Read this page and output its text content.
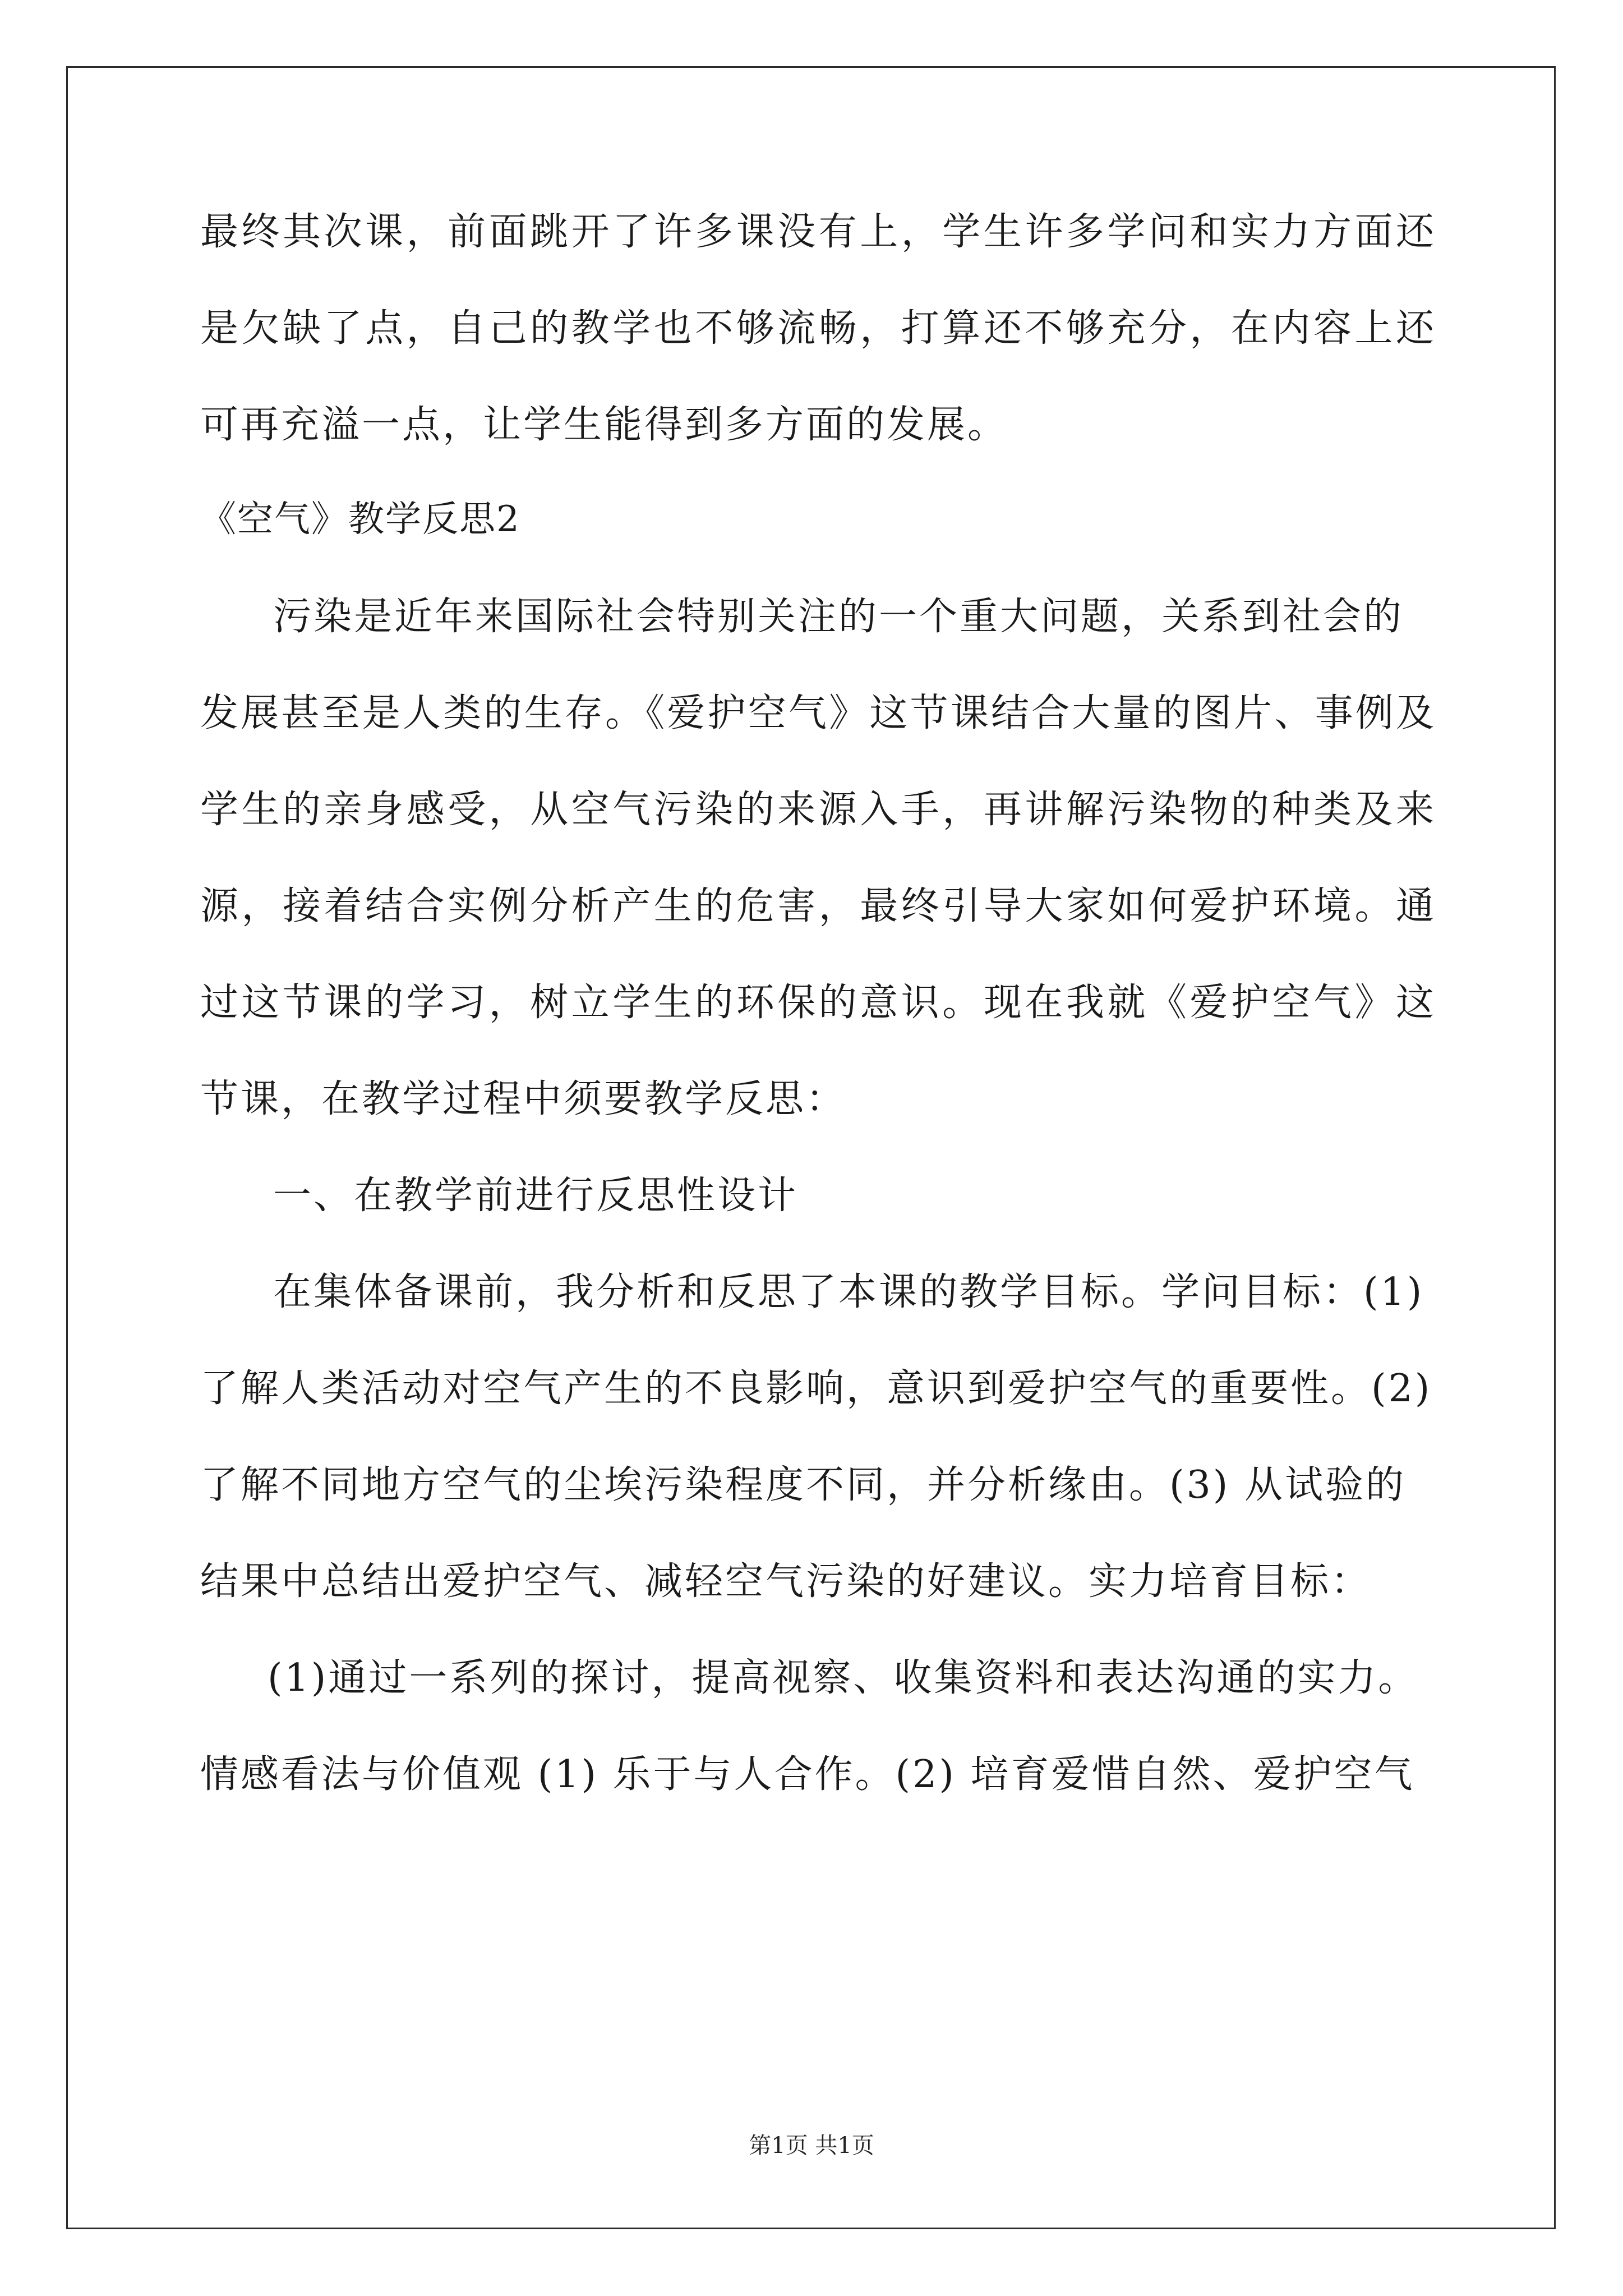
最终其次课，前面跳开了许多课没有上，学生许多学问和实力方面还
是欠缺了点，自己的教学也不够流畅，打算还不够充分，在内容上还
可再充溢一点，让学生能得到多方面的发展。
《空气》教学反思2
污染是近年来国际社会特别关注的一个重大问题，关系到社会的
发展甚至是人类的生存。《爱护空气》这节课结合大量的图片、事例及
学生的亲身感受，从空气污染的来源入手，再讲解污染物的种类及来
源，接着结合实例分析产生的危害，最终引导大家如何爱护环境。通
过这节课的学习，树立学生的环保的意识。现在我就《爱护空气》这
节课，在教学过程中须要教学反思：
一、在教学前进行反思性设计
在集体备课前，我分析和反思了本课的教学目标。学问目标：(1)
了解人类活动对空气产生的不良影响，意识到爱护空气的重要性。(2)
了解不同地方空气的尘埃污染程度不同，并分析缘由。(3) 从试验的
结果中总结出爱护空气、减轻空气污染的好建议。实力培育目标：
(1)通过一系列的探讨，提高视察、收集资料和表达沟通的实力。
情感看法与价值观 (1) 乐于与人合作。(2) 培育爱惜自然、爱护空气
第1页 共1页
